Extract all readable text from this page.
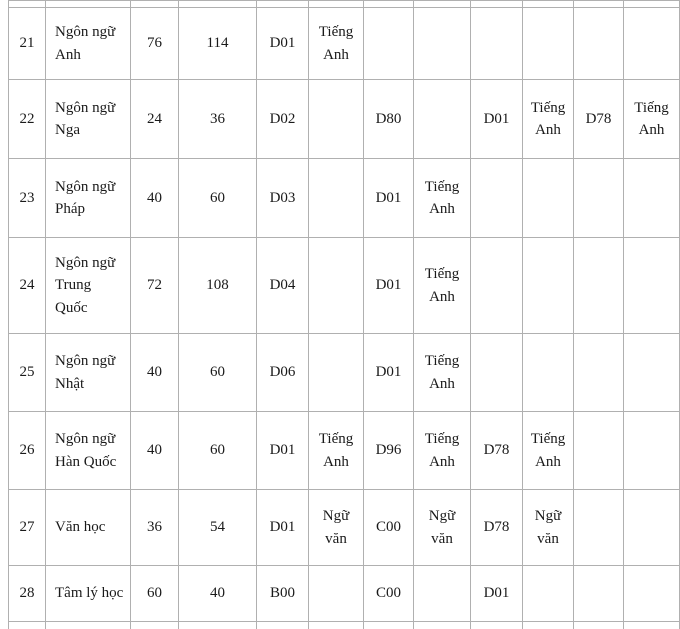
21	Ngôn ngữ Anh	76	114	D01	Tiếng Anh						
22	Ngôn ngữ Nga	24	36	D02		D80		D01	Tiếng Anh	D78	Tiếng Anh
23	Ngôn ngữ Pháp	40	60	D03		D01	Tiếng Anh				
24	Ngôn ngữ Trung Quốc	72	108	D04		D01	Tiếng Anh				
25	Ngôn ngữ Nhật	40	60	D06		D01	Tiếng Anh				
26	Ngôn ngữ Hàn Quốc	40	60	D01	Tiếng Anh	D96	Tiếng Anh	D78	Tiếng Anh		
27	Văn học	36	54	D01	Ngữ văn	C00	Ngữ văn	D78	Ngữ văn		
28	Tâm lý học	60	40	B00		C00		D01			
